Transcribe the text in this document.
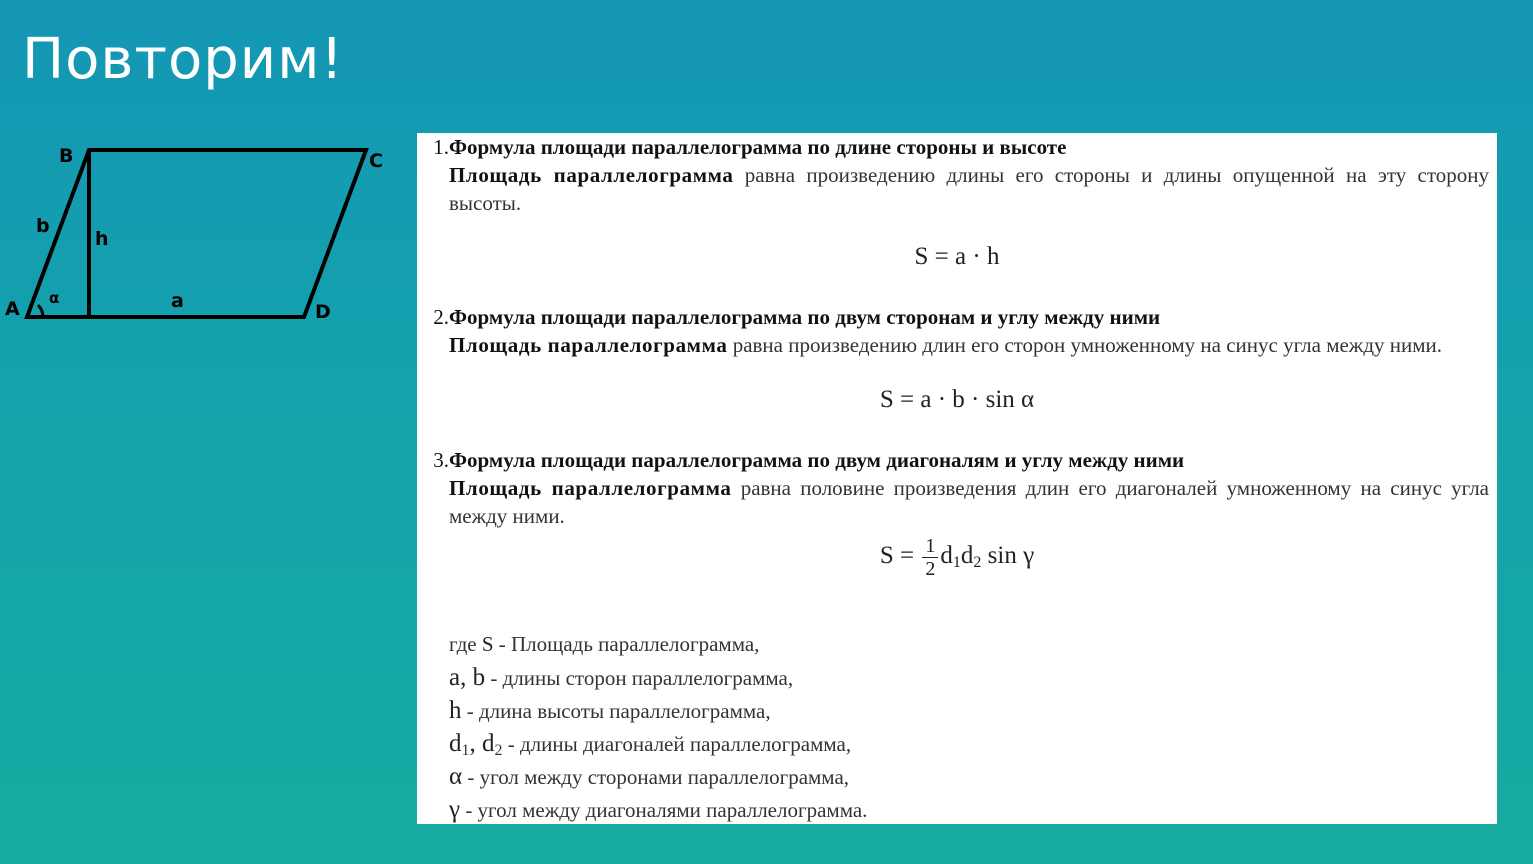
Повторим!
B	C
A	D
b
h
a
α
1. Формула площади параллелограмма по длине стороны и высоте
Площадь параллелограмма равна произведению длины его стороны и длины опущенной на эту сторону высоты.
S = a · h
2. Формула площади параллелограмма по двум сторонам и углу между ними
Площадь параллелограмма равна произведению длин его сторон умноженному на синус угла между ними.
S = a · b · sin α
3. Формула площади параллелограмма по двум диагоналям и углу между ними
Площадь параллелограмма равна половине произведения длин его диагоналей умноженному на синус угла между ними.
$S = \frac{1}{2} d_1d_2$ sin γ
где S - Площадь параллелограмма,
a, b - длины сторон параллелограмма,
h - длина высоты параллелограмма,
$d_1$, $d_2$ - длины диагоналей параллелограмма,
α - угол между сторонами параллелограмма,
γ - угол между диагоналями параллелограмма.
